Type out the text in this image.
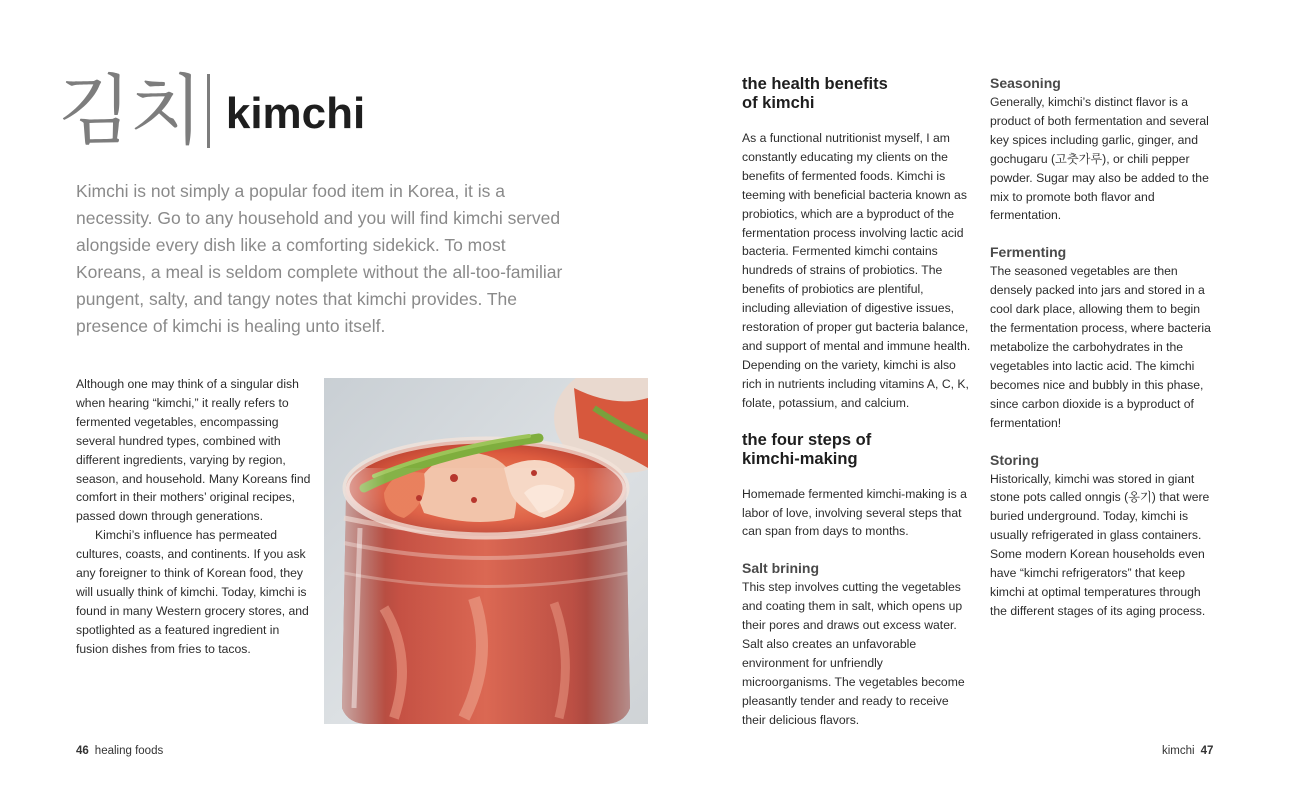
김치 kimchi

Kimchi is not simply a popular food item in Korea, it is a necessity. Go to any household and you will find kimchi served alongside every dish like a comforting sidekick. To most Koreans, a meal is seldom complete without the all-too-familiar pungent, salty, and tangy notes that kimchi provides. The presence of kimchi is healing unto itself.

Although one may think of a singular dish when hearing “kimchi,” it really refers to fermented vegetables, encompassing several hundred types, combined with different ingredients, varying by region, season, and household. Many Koreans find comfort in their mothers’ original recipes, passed down through generations.

Kimchi’s influence has permeated cultures, coasts, and continents. If you ask any foreigner to think of Korean food, they will usually think of kimchi. Today, kimchi is found in many Western grocery stores, and spotlighted as a featured ingredient in fusion dishes from fries to tacos.

the health benefits
of kimchi

As a functional nutritionist myself, I am constantly educating my clients on the benefits of fermented foods. Kimchi is teeming with beneficial bacteria known as probiotics, which are a byproduct of the fermentation process involving lactic acid bacteria. Fermented kimchi contains hundreds of strains of probiotics. The benefits of probiotics are plentiful, including alleviation of digestive issues, restoration of proper gut bacteria balance, and support of mental and immune health. Depending on the variety, kimchi is also rich in nutrients including vitamins A, C, K, folate, potassium, and calcium.

the four steps of
kimchi-making

Homemade fermented kimchi-making is a labor of love, involving several steps that can span from days to months.

Salt brining

This step involves cutting the vegetables and coating them in salt, which opens up their pores and draws out excess water. Salt also creates an unfavorable environment for unfriendly microorganisms. The vegetables become pleasantly tender and ready to receive their delicious flavors.

Seasoning

Generally, kimchi’s distinct flavor is a product of both fermentation and several key spices including garlic, ginger, and gochugaru (고춧가루), or chili pepper powder. Sugar may also be added to the mix to promote both flavor and fermentation.

Fermenting

The seasoned vegetables are then densely packed into jars and stored in a cool dark place, allowing them to begin the fermentation process, where bacteria metabolize the carbohydrates in the vegetables into lactic acid. The kimchi becomes nice and bubbly in this phase, since carbon dioxide is a byproduct of fermentation!

Storing

Historically, kimchi was stored in giant stone pots called onngis (옹기) that were buried underground. Today, kimchi is usually refrigerated in glass containers. Some modern Korean households even have “kimchi refrigerators” that keep kimchi at optimal temperatures through the different stages of its aging process.

46 healing foods	kimchi 47
